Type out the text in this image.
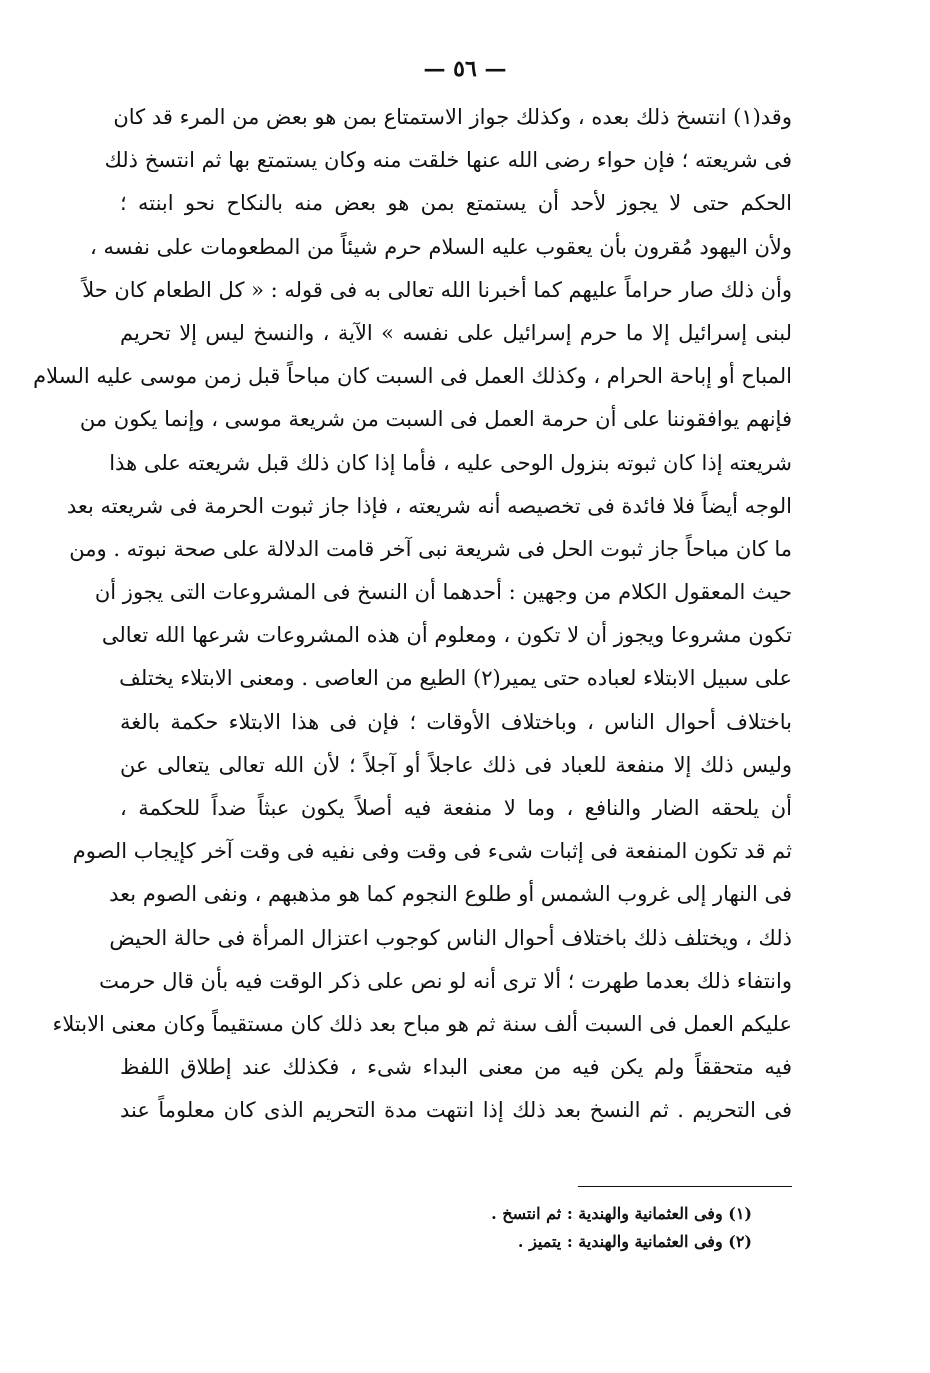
— ٥٦ —
وقد(١) انتسخ ذلك بعده ، وكذلك جواز الاستمتاع بمن هو بعض من المرء قد كان
فى شريعته ؛ فإن حواء رضى الله عنها خلقت منه وكان يستمتع بها ثم انتسخ ذلك
الحكم حتى لا يجوز لأحد أن يستمتع بمن هو بعض منه بالنكاح نحو ابنته ؛
ولأن اليهود مُقرون بأن يعقوب عليه السلام حرم شيئاً من المطعومات على نفسه ،
وأن ذلك صار حراماً عليهم كما أخبرنا الله تعالى به فى قوله : « كل الطعام كان حلاً
لبنى إسرائيل إلا ما حرم إسرائيل على نفسه » الآية ، والنسخ ليس إلا تحريم
المباح أو إباحة الحرام ، وكذلك العمل فى السبت كان مباحاً قبل زمن موسى عليه السلام
فإنهم يوافقوننا على أن حرمة العمل فى السبت من شريعة موسى ، وإنما يكون من
شريعته إذا كان ثبوته بنزول الوحى عليه ، فأما إذا كان ذلك قبل شريعته على هذا
الوجه أيضاً فلا فائدة فى تخصيصه أنه شريعته ، فإذا جاز ثبوت الحرمة فى شريعته بعد
ما كان مباحاً جاز ثبوت الحل فى شريعة نبى آخر قامت الدلالة على صحة نبوته . ومن
حيث المعقول الكلام من وجهين : أحدهما أن النسخ فى المشروعات التى يجوز أن
تكون مشروعا ويجوز أن لا تكون ، ومعلوم أن هذه المشروعات شرعها الله تعالى
على سبيل الابتلاء لعباده حتى يمير(٢) الطيع من العاصى . ومعنى الابتلاء يختلف
باختلاف أحوال الناس ، وباختلاف الأوقات ؛ فإن فى هذا الابتلاء حكمة بالغة
وليس ذلك إلا منفعة للعباد فى ذلك عاجلاً أو آجلاً ؛ لأن الله تعالى يتعالى عن
أن يلحقه الضار والنافع ، وما لا منفعة فيه أصلاً يكون عبثاً ضداً للحكمة ،
ثم قد تكون المنفعة فى إثبات شىء فى وقت وفى نفيه فى وقت آخر كإيجاب الصوم
فى النهار إلى غروب الشمس أو طلوع النجوم كما هو مذهبهم ، ونفى الصوم بعد
ذلك ، ويختلف ذلك باختلاف أحوال الناس كوجوب اعتزال المرأة فى حالة الحيض
وانتفاء ذلك بعدما طهرت ؛ ألا ترى أنه لو نص على ذكر الوقت فيه بأن قال حرمت
عليكم العمل فى السبت ألف سنة ثم هو مباح بعد ذلك كان مستقيماً وكان معنى الابتلاء
فيه متحققاً ولم يكن فيه من معنى البداء شىء ، فكذلك عند إطلاق اللفظ
فى التحريم . ثم النسخ بعد ذلك إذا انتهت مدة التحريم الذى كان معلوماً عند
(١) وفى العثمانية والهندية : ثم انتسخ .
(٢) وفى العثمانية والهندية : يتميز .
